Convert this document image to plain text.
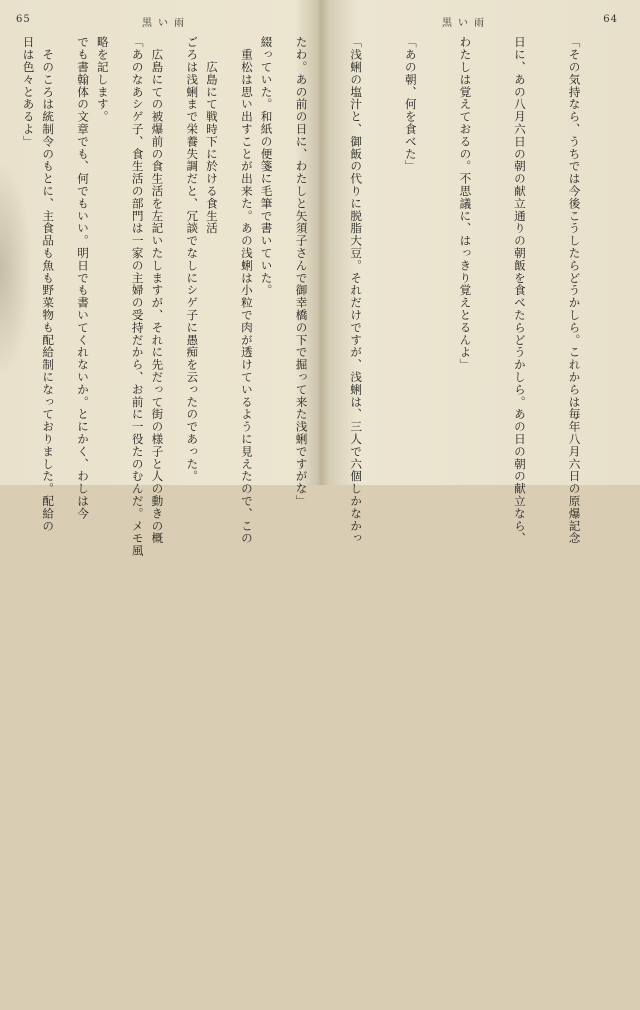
65	黒い雨

綴っていた。和紙の便箋に毛筆で書いていた。

　　広島にて戦時下に於ける食生活

　広島にての被爆前の食生活を左記いたしますが、それに先だって街の様子と人の動きの概

略を記します。

　そのころは統制令のもとに、主食品も魚も野菜物も配給制になっておりました。配給の

64
黒い雨

「その気持なら、うちでは今後こうしたらどうかしら。これからは毎年八月六日の原爆記念

日に、あの八月六日の朝の献立通りの朝飯を食べたらどうかしら。あの日の朝の献立なら、

わたしは覚えておるの。不思議に、はっきり覚えとるんよ」

「あの朝、何を食べた」

「浅蜊の塩汁と、御飯の代りに脱脂大豆。それだけですが、浅蜊は、三人で六個しかなかっ

たわ。あの前の日に、わたしと矢須子さんで御幸橋の下で掘って来た浅蜊ですがな」

　重松は思い出すことが出来た。あの浅蜊は小粒で肉が透けているように見えたので、この

ごろは浅蜊まで栄養失調だと、冗談でなしにシゲ子に愚痴を云ったのであった。

「あのなあシゲ子、食生活の部門は一家の主婦の受持だから、お前に一役たのむんだ。メモ風

でも書翰体の文章でも、何でもいい。明日でも書いてくれないか。とにかく、わしは今

日は色々とあるよ」
